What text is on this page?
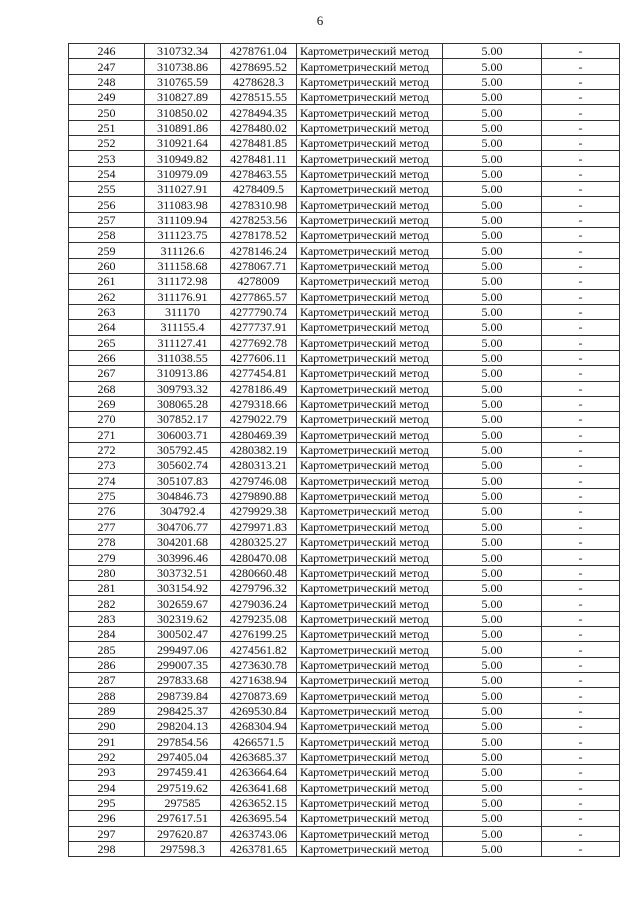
6
246	310732.34	4278761.04	Картометрический метод	5.00	-
247	310738.86	4278695.52	Картометрический метод	5.00	-
248	310765.59	4278628.3	Картометрический метод	5.00	-
249	310827.89	4278515.55	Картометрический метод	5.00	-
250	310850.02	4278494.35	Картометрический метод	5.00	-
251	310891.86	4278480.02	Картометрический метод	5.00	-
252	310921.64	4278481.85	Картометрический метод	5.00	-
253	310949.82	4278481.11	Картометрический метод	5.00	-
254	310979.09	4278463.55	Картометрический метод	5.00	-
255	311027.91	4278409.5	Картометрический метод	5.00	-
256	311083.98	4278310.98	Картометрический метод	5.00	-
257	311109.94	4278253.56	Картометрический метод	5.00	-
258	311123.75	4278178.52	Картометрический метод	5.00	-
259	311126.6	4278146.24	Картометрический метод	5.00	-
260	311158.68	4278067.71	Картометрический метод	5.00	-
261	311172.98	4278009	Картометрический метод	5.00	-
262	311176.91	4277865.57	Картометрический метод	5.00	-
263	311170	4277790.74	Картометрический метод	5.00	-
264	311155.4	4277737.91	Картометрический метод	5.00	-
265	311127.41	4277692.78	Картометрический метод	5.00	-
266	311038.55	4277606.11	Картометрический метод	5.00	-
267	310913.86	4277454.81	Картометрический метод	5.00	-
268	309793.32	4278186.49	Картометрический метод	5.00	-
269	308065.28	4279318.66	Картометрический метод	5.00	-
270	307852.17	4279022.79	Картометрический метод	5.00	-
271	306003.71	4280469.39	Картометрический метод	5.00	-
272	305792.45	4280382.19	Картометрический метод	5.00	-
273	305602.74	4280313.21	Картометрический метод	5.00	-
274	305107.83	4279746.08	Картометрический метод	5.00	-
275	304846.73	4279890.88	Картометрический метод	5.00	-
276	304792.4	4279929.38	Картометрический метод	5.00	-
277	304706.77	4279971.83	Картометрический метод	5.00	-
278	304201.68	4280325.27	Картометрический метод	5.00	-
279	303996.46	4280470.08	Картометрический метод	5.00	-
280	303732.51	4280660.48	Картометрический метод	5.00	-
281	303154.92	4279796.32	Картометрический метод	5.00	-
282	302659.67	4279036.24	Картометрический метод	5.00	-
283	302319.62	4279235.08	Картометрический метод	5.00	-
284	300502.47	4276199.25	Картометрический метод	5.00	-
285	299497.06	4274561.82	Картометрический метод	5.00	-
286	299007.35	4273630.78	Картометрический метод	5.00	-
287	297833.68	4271638.94	Картометрический метод	5.00	-
288	298739.84	4270873.69	Картометрический метод	5.00	-
289	298425.37	4269530.84	Картометрический метод	5.00	-
290	298204.13	4268304.94	Картометрический метод	5.00	-
291	297854.56	4266571.5	Картометрический метод	5.00	-
292	297405.04	4263685.37	Картометрический метод	5.00	-
293	297459.41	4263664.64	Картометрический метод	5.00	-
294	297519.62	4263641.68	Картометрический метод	5.00	-
295	297585	4263652.15	Картометрический метод	5.00	-
296	297617.51	4263695.54	Картометрический метод	5.00	-
297	297620.87	4263743.06	Картометрический метод	5.00	-
298	297598.3	4263781.65	Картометрический метод	5.00	-
